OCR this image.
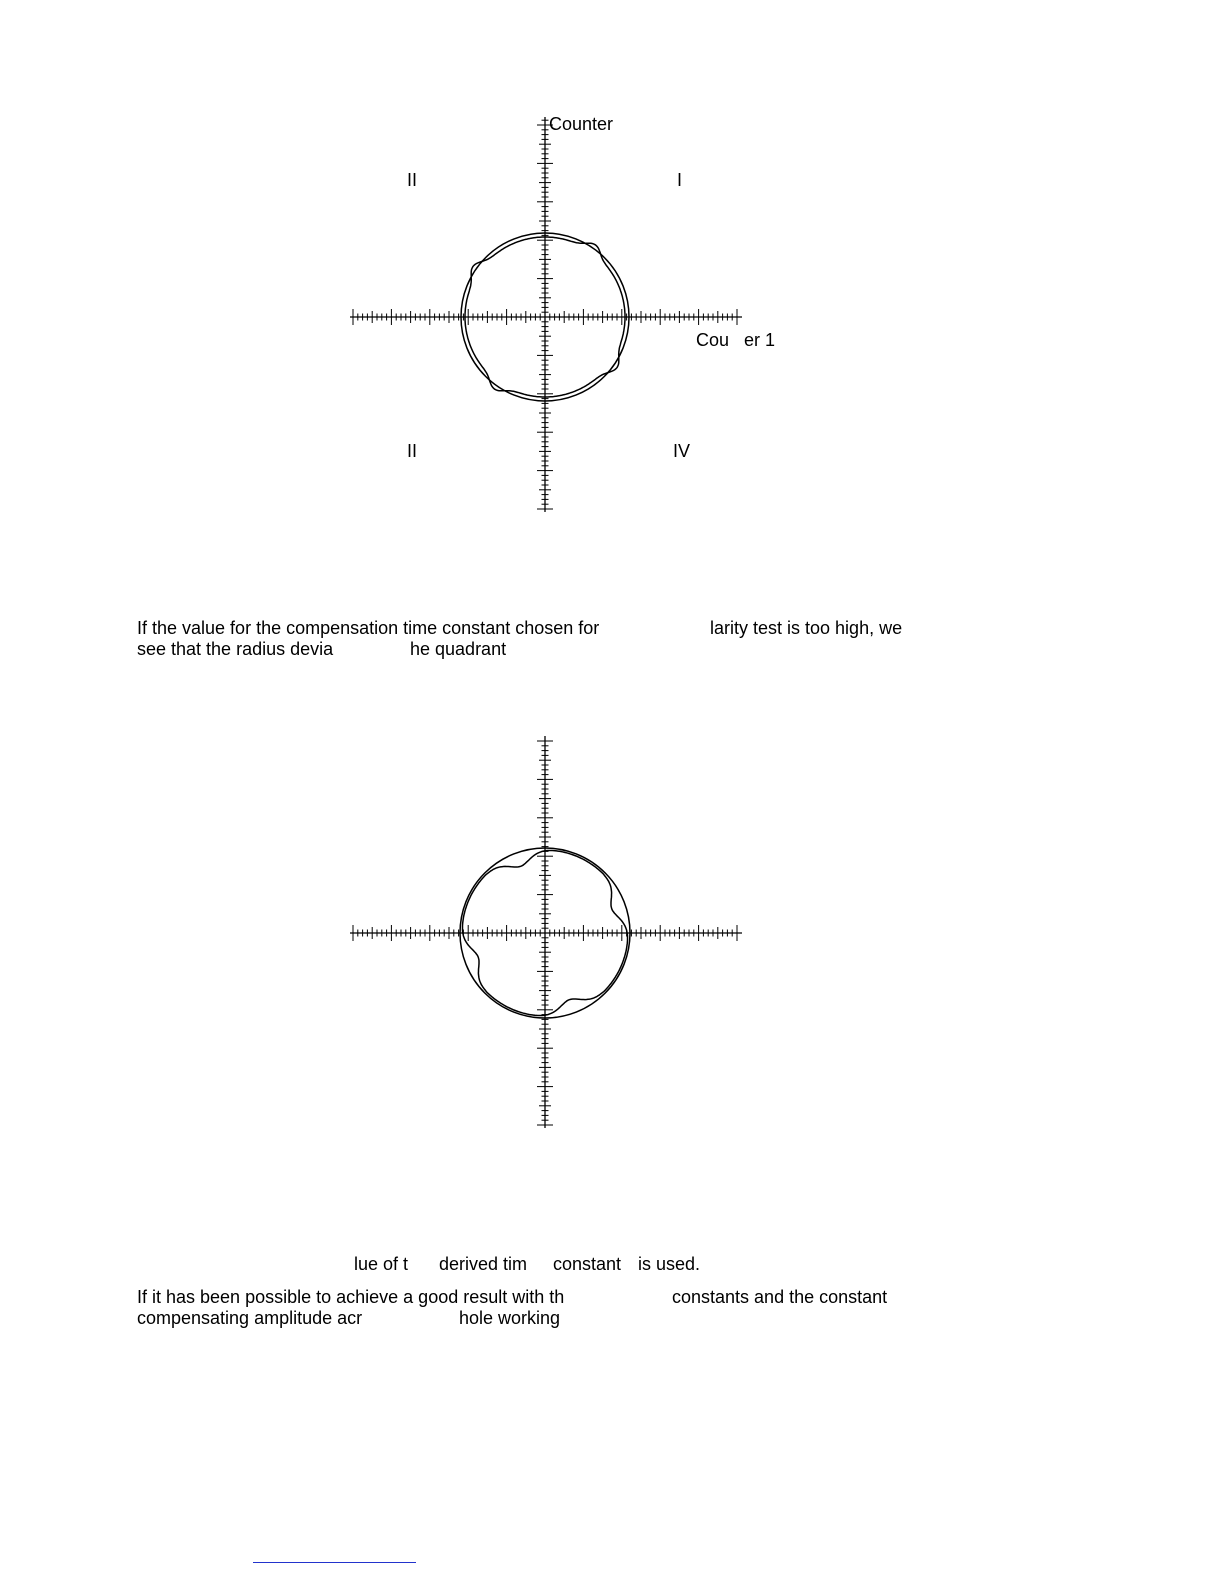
Counter
Cou   er 1
I
II
II	IV

If the value for the compensation time constant chosen for

	larity test is too high, we

see that the radius devia

	he quadrant

lue of t

derived tim

constant

is used.

If it has been possible to achieve a good result with th

	constants and the constant

compensating amplitude acr

	hole working
